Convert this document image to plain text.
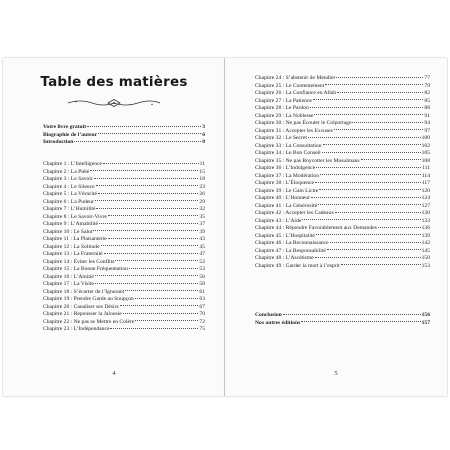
Table des matières
Votre livre gratuit	3
Biographie de l’auteur	6
Introduction	8
Chapitre 1 : L’Intelligence	11
Chapitre 2 : La Piété	15
Chapitre 3 : Le Savoir	18
Chapitre 4 : Le Silence	23
Chapitre 5 : La Véracité	26
Chapitre 6 : La Pudeur	29
Chapitre 7 : L’Humilité	32
Chapitre 8 : Le Savoir-Vivre	35
Chapitre 9 : L’Amabilité	37
Chapitre 10 : Le Salut	39
Chapitre 11 : La Plaisanterie	43
Chapitre 12 : La Solitude	45
Chapitre 13 : La Fraternité	47
Chapitre 14 : Éviter les Conflits	52
Chapitre 15 : La Bonne Fréquentation	53
Chapitre 16 : L’Amitié	56
Chapitre 17 : La Visite	58
Chapitre 18 : S’écarter de l’Ignorant	61
Chapitre 19 : Prendre Garde au Soupçon	63
Chapitre 20 : Canaliser ses Désirs	67
Chapitre 21 : Repousser la Jalousie	70
Chapitre 22 : Ne pas se Mettre en Colère	72
Chapitre 23 : L’Indépendance	75
4
Chapitre 24 : S’abstenir de Mendier	77
Chapitre 25 : Le Contentement	79
Chapitre 26 : La Confiance en Allah	82
Chapitre 27 : La Patience	85
Chapitre 28 : Le Pardon	88
Chapitre 29 : La Noblesse	91
Chapitre 30 : Ne pas Écouter le Colportage	94
Chapitre 31 : Accepter les Excuses	97
Chapitre 32 : Le Secret	100
Chapitre 33 : La Consultation	102
Chapitre 34 : Le Bon Conseil	105
Chapitre 35 : Ne pas Boycotter les Musulmans	108
Chapitre 36 : L’Indulgence	111
Chapitre 37 : La Modération	114
Chapitre 38 : L’Éloquence	117
Chapitre 39 : Le Gain Licite	120
Chapitre 40 : L’Honneur	124
Chapitre 41 : La Générosité	127
Chapitre 42 : Accepter les Cadeaux	130
Chapitre 43 : L’Aide	133
Chapitre 44 : Répondre Favorablement aux Demandes	136
Chapitre 45 : L’Hospitalité	139
Chapitre 46 : La Reconnaissance	142
Chapitre 47 : La Responsabilité	145
Chapitre 48 : L’Ascétisme	150
Chapitre 49 : Garder la mort à l’esprit	153
Conclusion	156
Nos autres éditions	157
5
